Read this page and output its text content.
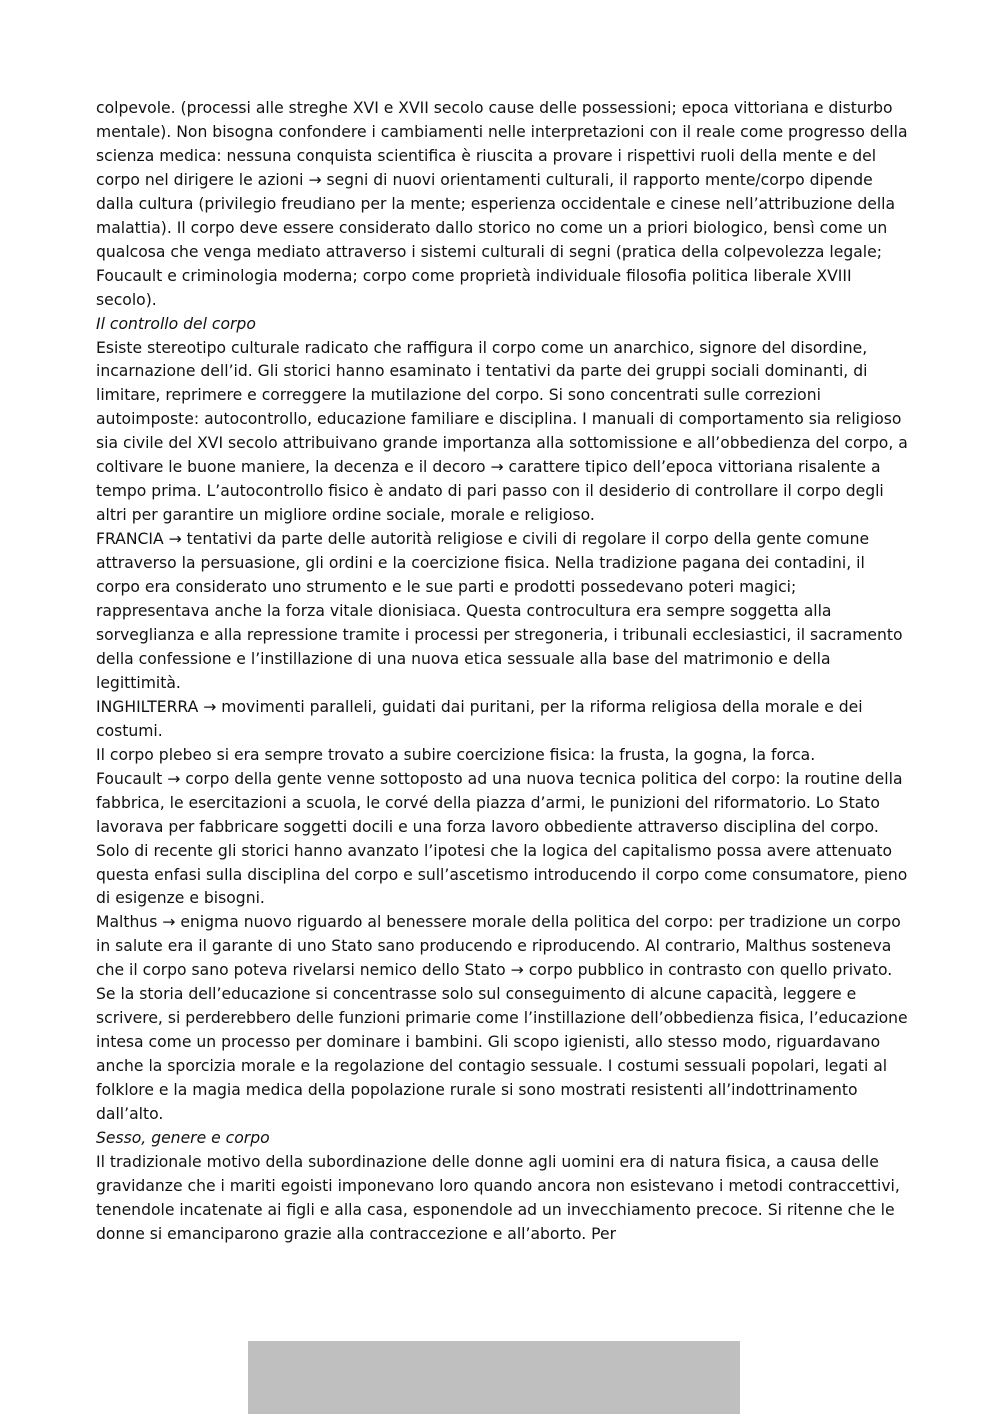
colpevole. (processi alle streghe XVI e XVII secolo cause delle possessioni; epoca vittoriana e disturbo mentale). Non bisogna confondere i cambiamenti nelle interpretazioni con il reale come progresso della scienza medica: nessuna conquista scientifica è riuscita a provare i rispettivi ruoli della mente e del corpo nel dirigere le azioni → segni di nuovi orientamenti culturali, il rapporto mente/corpo dipende dalla cultura (privilegio freudiano per la mente; esperienza occidentale e cinese nell’attribuzione della malattia). Il corpo deve essere considerato dallo storico no come un a priori biologico, bensì come un qualcosa che venga mediato attraverso i sistemi culturali di segni (pratica della colpevolezza legale; Foucault e criminologia moderna; corpo come proprietà individuale filosofia politica liberale XVIII secolo).

Il controllo del corpo

Esiste stereotipo culturale radicato che raffigura il corpo come un anarchico, signore del disordine, incarnazione dell’id. Gli storici hanno esaminato i tentativi da parte dei gruppi sociali dominanti, di limitare, reprimere e correggere la mutilazione del corpo. Si sono concentrati sulle correzioni autoimposte: autocontrollo, educazione familiare e disciplina. I manuali di comportamento sia religioso sia civile del XVI secolo attribuivano grande importanza alla sottomissione e all’obbedienza del corpo, a coltivare le buone maniere, la decenza e il decoro → carattere tipico dell’epoca vittoriana risalente a tempo prima. L’autocontrollo fisico è andato di pari passo con il desiderio di controllare il corpo degli altri per garantire un migliore ordine sociale, morale e religioso.

FRANCIA → tentativi da parte delle autorità religiose e civili di regolare il corpo della gente comune attraverso la persuasione, gli ordini e la coercizione fisica. Nella tradizione pagana dei contadini, il corpo era considerato uno strumento e le sue parti e prodotti possedevano poteri magici; rappresentava anche la forza vitale dionisiaca. Questa controcultura era sempre soggetta alla sorveglianza e alla repressione tramite i processi per stregoneria, i tribunali ecclesiastici, il sacramento della confessione e l’instillazione di una nuova etica sessuale alla base del matrimonio e della legittimità.

INGHILTERRA → movimenti paralleli, guidati dai puritani, per la riforma religiosa della morale e dei costumi.

Il corpo plebeo si era sempre trovato a subire coercizione fisica: la frusta, la gogna, la forca.

Foucault → corpo della gente venne sottoposto ad una nuova tecnica politica del corpo: la routine della fabbrica, le esercitazioni a scuola, le corvé della piazza d’armi, le punizioni del riformatorio. Lo Stato lavorava per fabbricare soggetti docili e una forza lavoro obbediente attraverso disciplina del corpo. Solo di recente gli storici hanno avanzato l’ipotesi che la logica del capitalismo possa avere attenuato questa enfasi sulla disciplina del corpo e sull’ascetismo introducendo il corpo come consumatore, pieno di esigenze e bisogni.

Malthus → enigma nuovo riguardo al benessere morale della politica del corpo: per tradizione un corpo in salute era il garante di uno Stato sano producendo e riproducendo. Al contrario, Malthus sosteneva che il corpo sano poteva rivelarsi nemico dello Stato → corpo pubblico in contrasto con quello privato.

Se la storia dell’educazione si concentrasse solo sul conseguimento di alcune capacità, leggere e scrivere, si perderebbero delle funzioni primarie come l’instillazione dell’obbedienza fisica, l’educazione intesa come un processo per dominare i bambini. Gli scopo igienisti, allo stesso modo, riguardavano anche la sporcizia morale e la regolazione del contagio sessuale. I costumi sessuali popolari, legati al folklore e la magia medica della popolazione rurale si sono mostrati resistenti all’indottrinamento dall’alto.

Sesso, genere e corpo

Il tradizionale motivo della subordinazione delle donne agli uomini era di natura fisica, a causa delle gravidanze che i mariti egoisti imponevano loro quando ancora non esistevano i metodi contraccettivi, tenendole incatenate ai figli e alla casa, esponendole ad un invecchiamento precoce. Si ritenne che le donne si emanciparono grazie alla contraccezione e all’aborto. Per
